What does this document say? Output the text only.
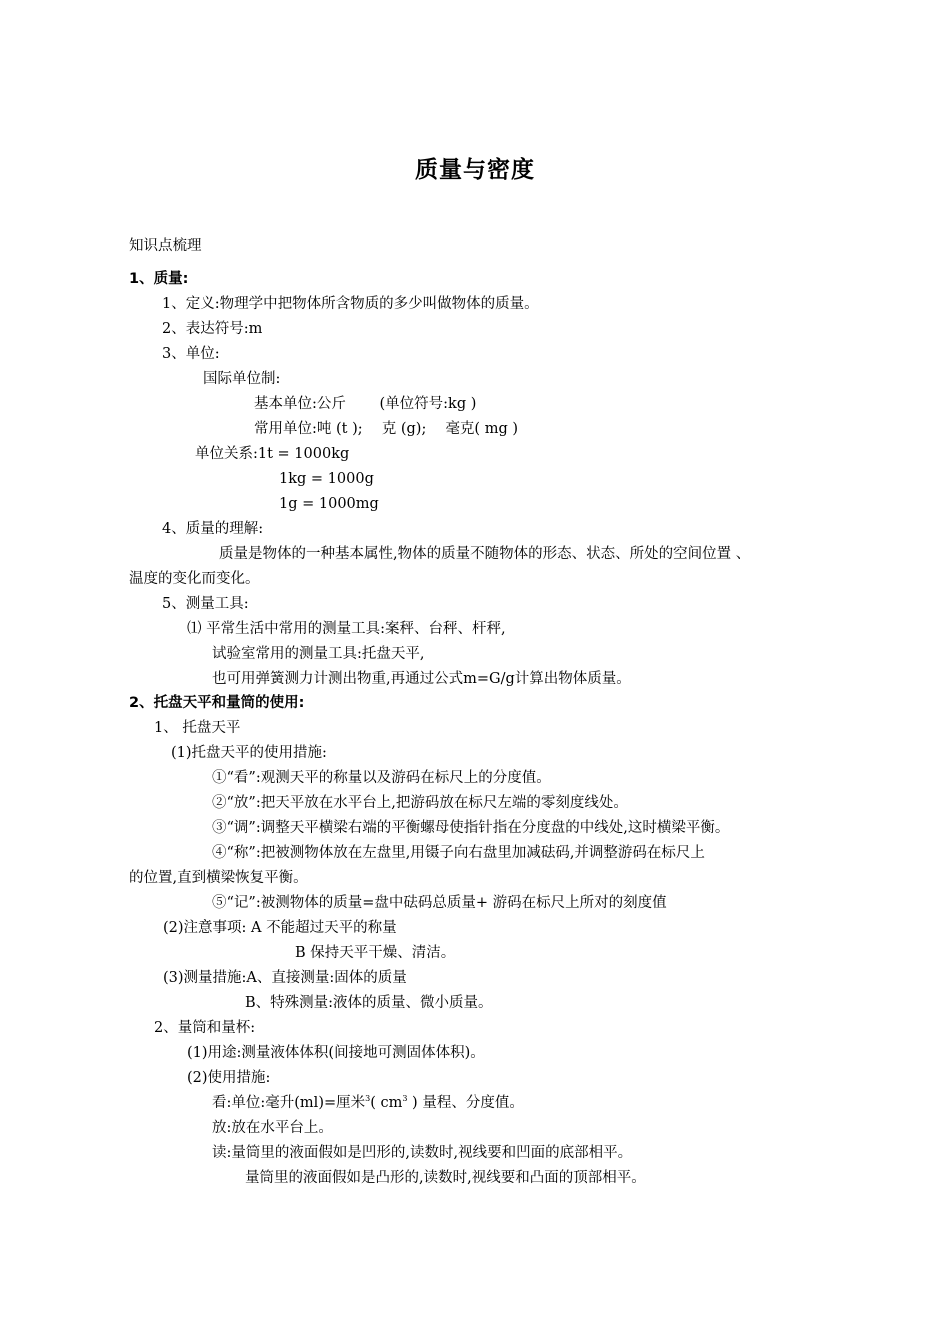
质量与密度
知识点梳理
1、质量:
1、定义:物理学中把物体所含物质的多少叫做物体的质量。
2、表达符号:m
3、单位:
国际单位制:
基本单位:公斤　　 (单位符号:kg )
常用单位:吨 (t );　 克 (g);　 毫克( mg )
单位关系:1t = 1000kg
1kg = 1000g
1g = 1000mg
4、质量的理解:
质量是物体的一种基本属性,物体的质量不随物体的形态、状态、所处的空间位置 、
温度的变化而变化。
5、测量工具:
⑴ 平常生活中常用的测量工具:案秤、台秤、杆秤,
试验室常用的测量工具:托盘天平,
也可用弹簧测力计测出物重,再通过公式m=G/g计算出物体质量。
2、托盘天平和量筒的使用:
1、 托盘天平
(1)托盘天平的使用措施:
①“看”:观测天平的称量以及游码在标尺上的分度值。
②“放”:把天平放在水平台上,把游码放在标尺左端的零刻度线处。
③“调”:调整天平横梁右端的平衡螺母使指针指在分度盘的中线处,这时横梁平衡。
④“称”:把被测物体放在左盘里,用镊子向右盘里加减砝码,并调整游码在标尺上
的位置,直到横梁恢复平衡。
⑤“记”:被测物体的质量=盘中砝码总质量+ 游码在标尺上所对的刻度值
(2)注意事项: A 不能超过天平的称量
B 保持天平干燥、清洁。
(3)测量措施:A、直接测量:固体的质量
B、特殊测量:液体的质量、微小质量。
2、量筒和量杯:
(1)用途:测量液体体积(间接地可测固体体积)。
(2)使用措施:
看:单位:毫升(ml)=厘米$^3$( $cm^3$ ) 量程、分度值。
放:放在水平台上。
读:量筒里的液面假如是凹形的,读数时,视线要和凹面的底部相平。
量筒里的液面假如是凸形的,读数时,视线要和凸面的顶部相平。
